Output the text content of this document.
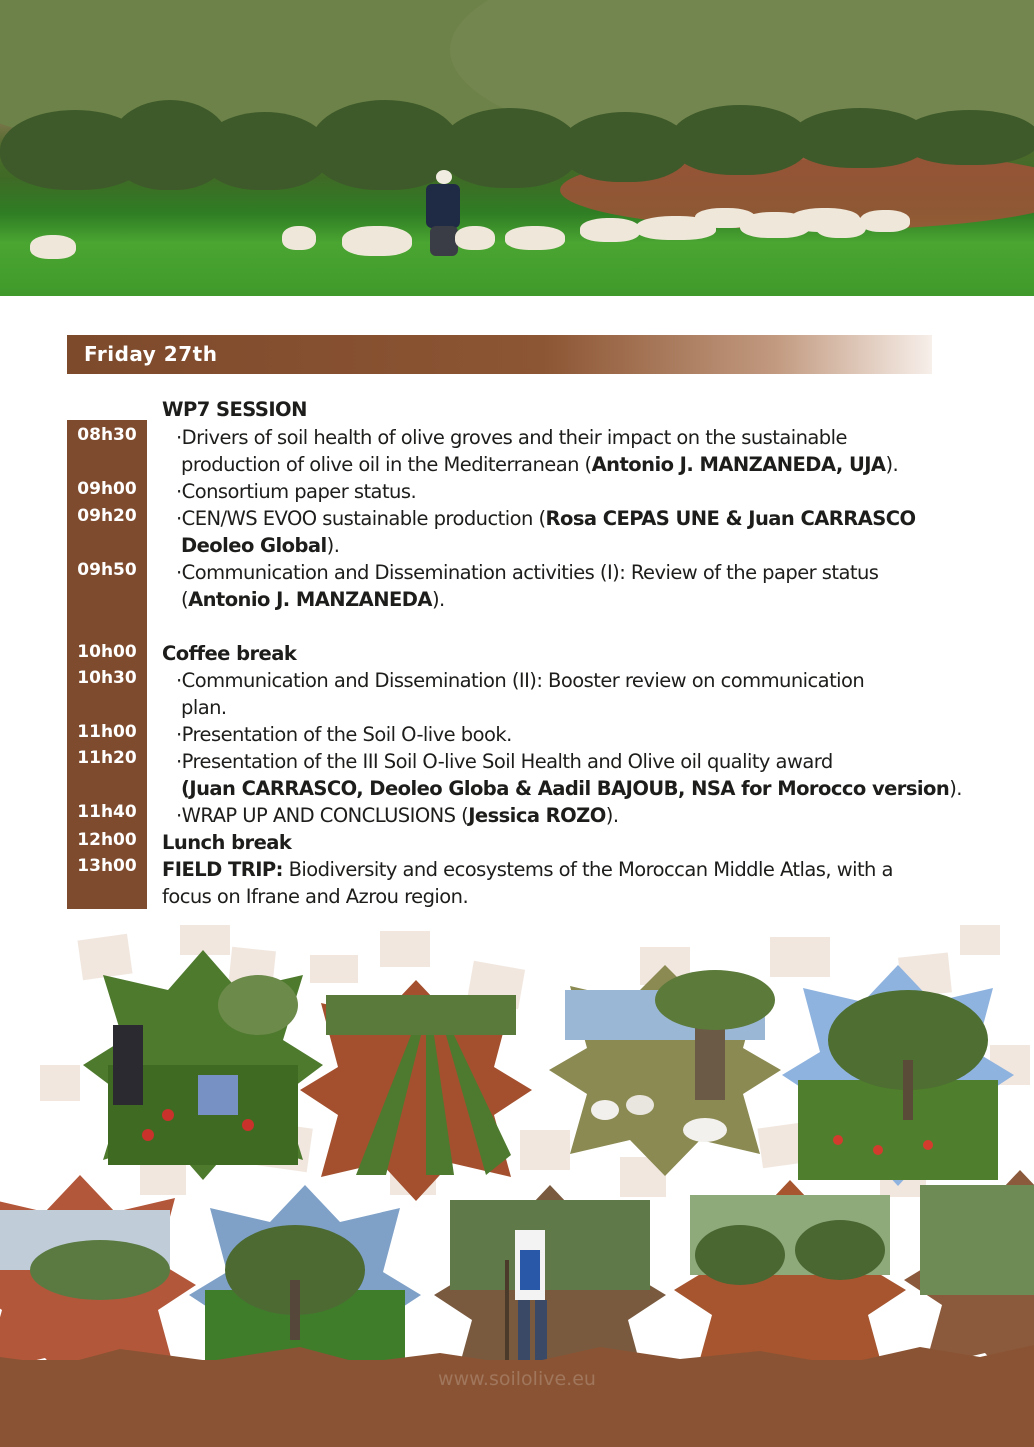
Friday 27th
08h30
09h00
09h20
09h50
10h00
10h30
11h00
11h20
11h40
12h00
13h00
WP7 SESSION
·Drivers of soil health of olive groves and their impact on the sustainable
production of olive oil in the Mediterranean (Antonio J. MANZANEDA, UJA).
·Consortium paper status.
·CEN/WS EVOO sustainable production (Rosa CEPAS UNE & Juan CARRASCO
Deoleo Global).
·Communication and Dissemination activities (I): Review of the paper status
(Antonio J. MANZANEDA).
Coffee break
·Communication and Dissemination (II): Booster review on communication
plan.
·Presentation of the Soil O-live book.
·Presentation of the III Soil O-live Soil Health and Olive oil quality award
(Juan CARRASCO, Deoleo Globa & Aadil BAJOUB, NSA for Morocco version).
·WRAP UP AND CONCLUSIONS (Jessica ROZO).
Lunch break
FIELD TRIP: Biodiversity and ecosystems of the Moroccan Middle Atlas, with a
focus on Ifrane and Azrou region.
www.soilolive.eu
